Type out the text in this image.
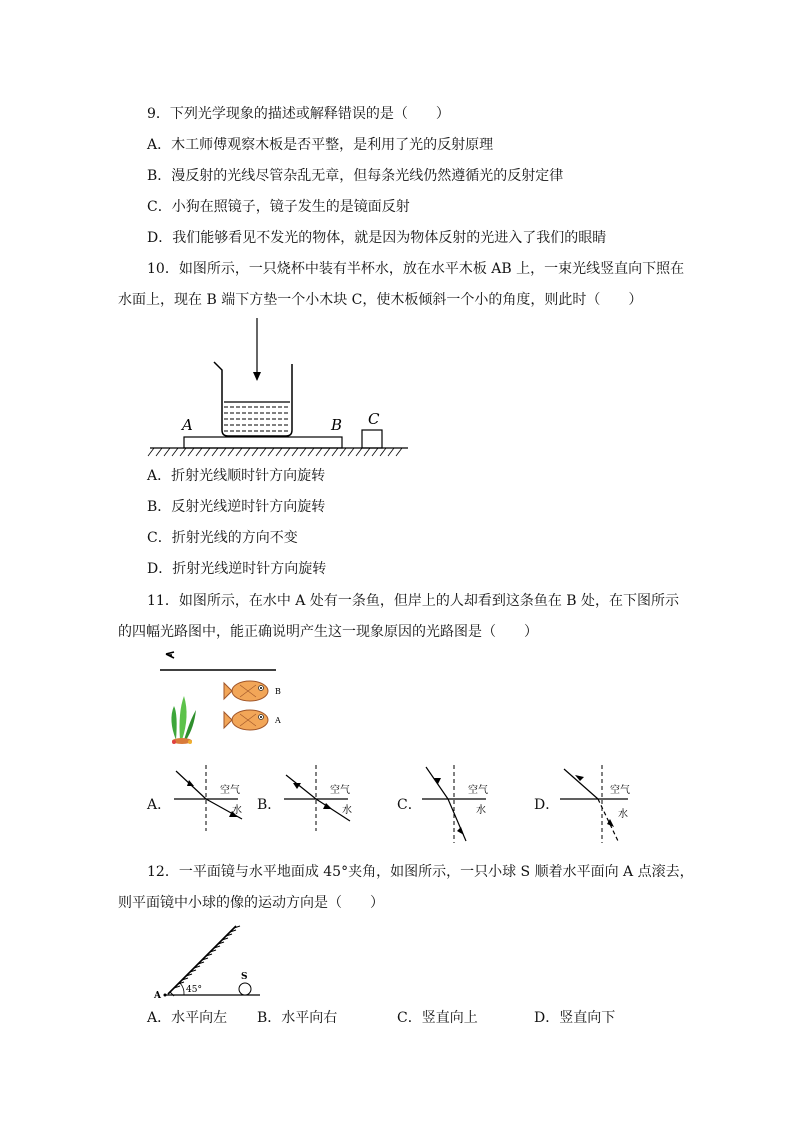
9．下列光学现象的描述或解释错误的是（　　）
A．木工师傅观察木板是否平整，是利用了光的反射原理
B．漫反射的光线尽管杂乱无章，但每条光线仍然遵循光的反射定律
C．小狗在照镜子，镜子发生的是镜面反射
D．我们能够看见不发光的物体，就是因为物体反射的光进入了我们的眼睛
10．如图所示，一只烧杯中装有半杯水，放在水平木板 AB 上，一束光线竖直向下照在
水面上，现在 B 端下方垫一个小木块 C，使木板倾斜一个小的角度，则此时（　　）
A	B C
A．折射光线顺时针方向旋转
B．反射光线逆时针方向旋转
C．折射光线的方向不变
D．折射光线逆时针方向旋转
11．如图所示，在水中 A 处有一条鱼，但岸上的人却看到这条鱼在 B 处，在下图所示
的四幅光路图中，能正确说明产生这一现象原因的光路图是（　　）
B
A
A．
空气
水 B．
空气
水	C．
空气
水	D．
空气
水
12．一平面镜与水平地面成 45°夹角，如图所示，一只小球 S 顺着水平面向 A 点滚去，
则平面镜中小球的像的运动方向是（　　）
A
45°
S
A．水平向左 B．水平向右	C．竖直向上	D．竖直向下
